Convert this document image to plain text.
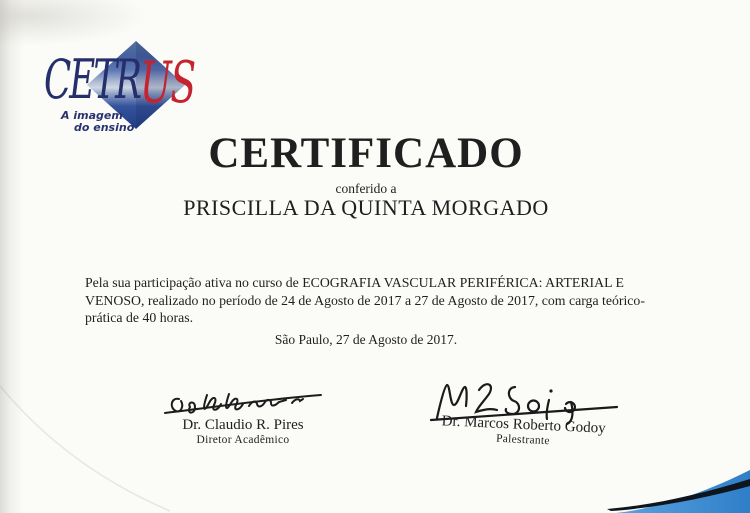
CETRUS
A imagem
do ensino
CERTIFICADO
conferido a
PRISCILLA DA QUINTA MORGADO

Pela sua participação ativa no curso de ECOGRAFIA VASCULAR PERIFÉRICA: ARTERIAL E
VENOSO, realizado no período de 24 de Agosto de 2017 a 27 de Agosto de 2017, com carga teórico-
prática de 40 horas.

São Paulo, 27 de Agosto de 2017.
Dr. Claudio R. Pires
Diretor Acadêmico
Dr. Marcos Roberto Godoy
Palestrante
